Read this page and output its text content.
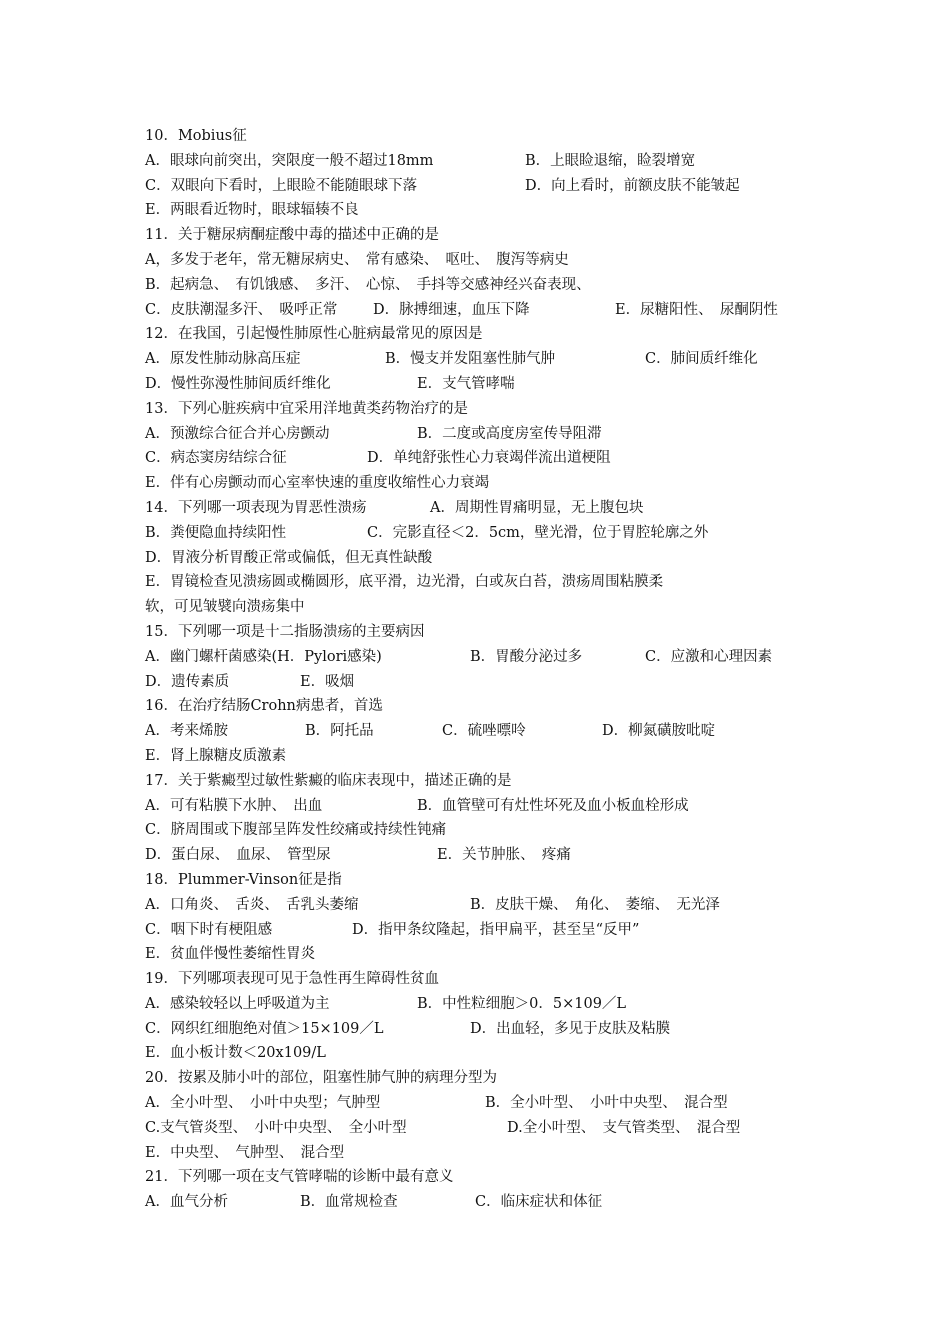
10．Mobius征
A．眼球向前突出，突限度一般不超过18mm	B．上眼睑退缩，睑裂增宽
C．双眼向下看时，上眼睑不能随眼球下落	D．向上看时，前额皮肤不能皱起
E．两眼看近物时，眼球辐辏不良
11．关于糖尿病酮症酸中毒的描述中正确的是
A，多发于老年，常无糖尿病史、　常有感染、　呕吐、　腹泻等病史
B．起病急、　有饥饿感、　多汗、　心惊、　手抖等交感神经兴奋表现、
C．皮肤潮湿多汗、　吸呼正常 D．脉搏细速，血压下降	E．尿糖阳性、　尿酮阴性
12．在我国，引起慢性肺原性心脏病最常见的原因是
A．原发性肺动脉高压症	B．慢支并发阻塞性肺气肿	C．肺间质纤维化
D．慢性弥漫性肺间质纤维化	E．支气管哮喘
13．下列心脏疾病中宜采用洋地黄类药物治疗的是
A．预激综合征合并心房颤动	B．二度或高度房室传导阻滞
C．病态窦房结综合征	D．单纯舒张性心力衰竭伴流出道梗阻
E．伴有心房颤动而心室率快速的重度收缩性心力衰竭
14．下列哪一项表现为胃恶性溃疡	A．周期性胃痛明显，无上腹包块
B．粪便隐血持续阳性	C．完影直径＜2．5cm，壁光滑，位于胃腔轮廓之外
D．胃液分析胃酸正常或偏低，但无真性缺酸
E．胃镜检查见溃疡圆或椭圆形，底平滑，边光滑，白或灰白苔，溃疡周围粘膜柔
软，可见皱襞向溃疡集中
15．下列哪一项是十二指肠溃疡的主要病因
A．幽门螺杆菌感染(H．Pylori感染)	B．胃酸分泌过多	C．应激和心理因素
D．遗传素质	E．吸烟
16．在治疗结肠Crohn病患者，首选
A．考来烯胺	B．阿托品	C．硫唑嘌呤	D．柳氮磺胺吡啶
E．肾上腺糖皮质激素
17．关于紫癜型过敏性紫癜的临床表现中，描述正确的是
A．可有粘膜下水肿、　出血	B．血管壁可有灶性坏死及血小板血栓形成
C．脐周围或下腹部呈阵发性绞痛或持续性钝痛
D．蛋白尿、　血尿、　管型尿	E．关节肿胀、　疼痛
18．Plummer-Vinson征是指
A．口角炎、　舌炎、　舌乳头萎缩	B．皮肤干燥、　角化、　萎缩、　无光泽
C．咽下时有梗阻感	D．指甲条纹隆起，指甲扁平，甚至呈“反甲”
E．贫血伴慢性萎缩性胃炎
19．下列哪项表现可见于急性再生障碍性贫血
A．感染较轻以上呼吸道为主	B．中性粒细胞＞0．5×109／L
C．网织红细胞绝对值＞15×109／L	D．出血轻，多见于皮肤及粘膜
E．血小板计数＜20x109/L
20．按累及肺小叶的部位，阻塞性肺气肿的病理分型为
A．全小叶型、　小叶中央型；气肿型	B．全小叶型、　小叶中央型、　混合型
C.支气管炎型、　小叶中央型、　全小叶型	D.全小叶型、　支气管类型、　混合型
E．中央型、　气肿型、　混合型
21．下列哪一项在支气管哮喘的诊断中最有意义
A．血气分析	B．血常规检查	C．临床症状和体征
